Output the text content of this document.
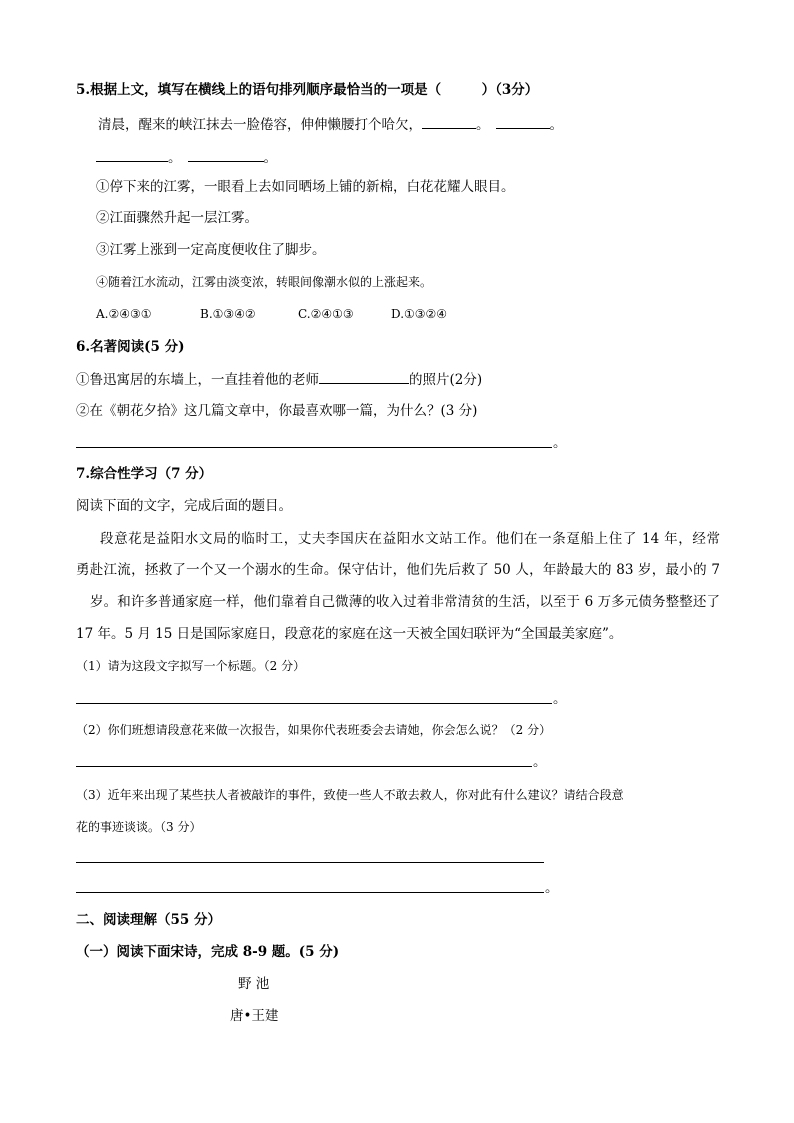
5.根据上文，填写在横线上的语句排列顺序最恰当的一项是（　　　）（3分）
清晨，醒来的峡江抹去一脸倦容，伸伸懒腰打个哈欠，	。	。
。	。
①停下来的江雾，一眼看上去如同晒场上铺的新棉，白花花耀人眼目。
②江面骤然升起一层江雾。
③江雾上涨到一定高度便收住了脚步。
④随着江水流动，江雾由淡变浓，转眼间像潮水似的上涨起来。
A.②④③①	B.①③④②	C.②④①③	D.①③②④
6.名著阅读(5 分)
①鲁迅寓居的东墙上，一直挂着他的老师	的照片(2分)
②在《朝花夕拾》这几篇文章中，你最喜欢哪一篇，为什么？(3 分)
。
7.综合性学习（7 分）
阅读下面的文字，完成后面的题目。
段意花是益阳水文局的临时工，丈夫李国庆在益阳水文站工作。他们在一条趸船上住了 14 年，经常
勇赴江流，拯救了一个又一个溺水的生命。保守估计，他们先后救了 50 人，年龄最大的 83 岁，最小的 7
岁。和许多普通家庭一样，他们靠着自己微薄的收入过着非常清贫的生活，以至于 6 万多元债务整整还了
17 年。5 月 15 日是国际家庭日，段意花的家庭在这一天被全国妇联评为“全国最美家庭”。
（1）请为这段文字拟写一个标题。（2 分）
。
（2）你们班想请段意花来做一次报告，如果你代表班委会去请她，你会怎么说？（2 分）
。
（3）近年来出现了某些扶人者被敲诈的事件，致使一些人不敢去救人，你对此有什么建议？请结合段意
花的事迹谈谈。（3 分）
。
二、阅读理解（55 分）
（一）阅读下面宋诗，完成 8-9 题。(5 分)
野 池
唐•王建
